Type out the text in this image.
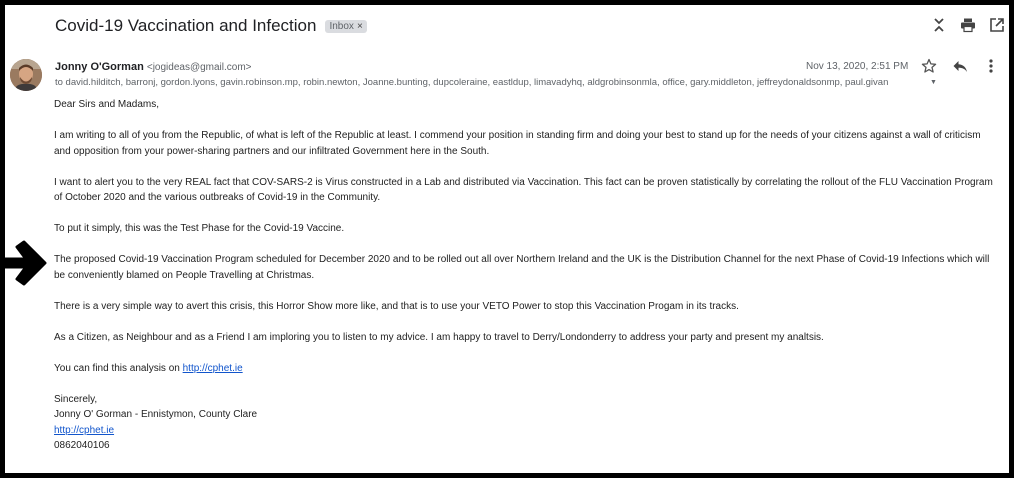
Covid-19 Vaccination and Infection Inbox ×
Jonny O'Gorman <jogideas@gmail.com>
to david.hilditch, barronj, gordon.lyons, gavin.robinson.mp, robin.newton, Joanne.bunting, dupcoleraine, eastldup, limavadyhq, aldgrobinsonmla, office, gary.middleton, jeffreydonaldsonmp, paul.givan	▼
Nov 13, 2020, 2:51 PM

Dear Sirs and Madams,

I am writing to all of you from the Republic, of what is left of the Republic at least. I commend your position in standing firm and doing your best to stand up for the needs of your citizens against a wall of criticism and opposition from your power-sharing partners and our infiltrated Government here in the South.

I want to alert you to the very REAL fact that COV-SARS-2 is Virus constructed in a Lab and distributed via Vaccination. This fact can be proven statistically by correlating the rollout of the FLU Vaccination Program of October 2020 and the various outbreaks of Covid-19 in the Community.

To put it simply, this was the Test Phase for the Covid-19 Vaccine.

The proposed Covid-19 Vaccination Program scheduled for December 2020 and to be rolled out all over Northern Ireland and the UK is the Distribution Channel for the next Phase of Covid-19 Infections which will be conveniently blamed on People Travelling at Christmas.

There is a very simple way to avert this crisis, this Horror Show more like, and that is to use your VETO Power to stop this Vaccination Progam in its tracks.

As a Citizen, as Neighbour and as a Friend I am imploring you to listen to my advice. I am happy to travel to Derry/Londonderry to address your party and present my analtsis.

You can find this analysis on http://cphet.ie

Sincerely,
Jonny O' Gorman - Ennistymon, County Clare
http://cphet.ie
0862040106
